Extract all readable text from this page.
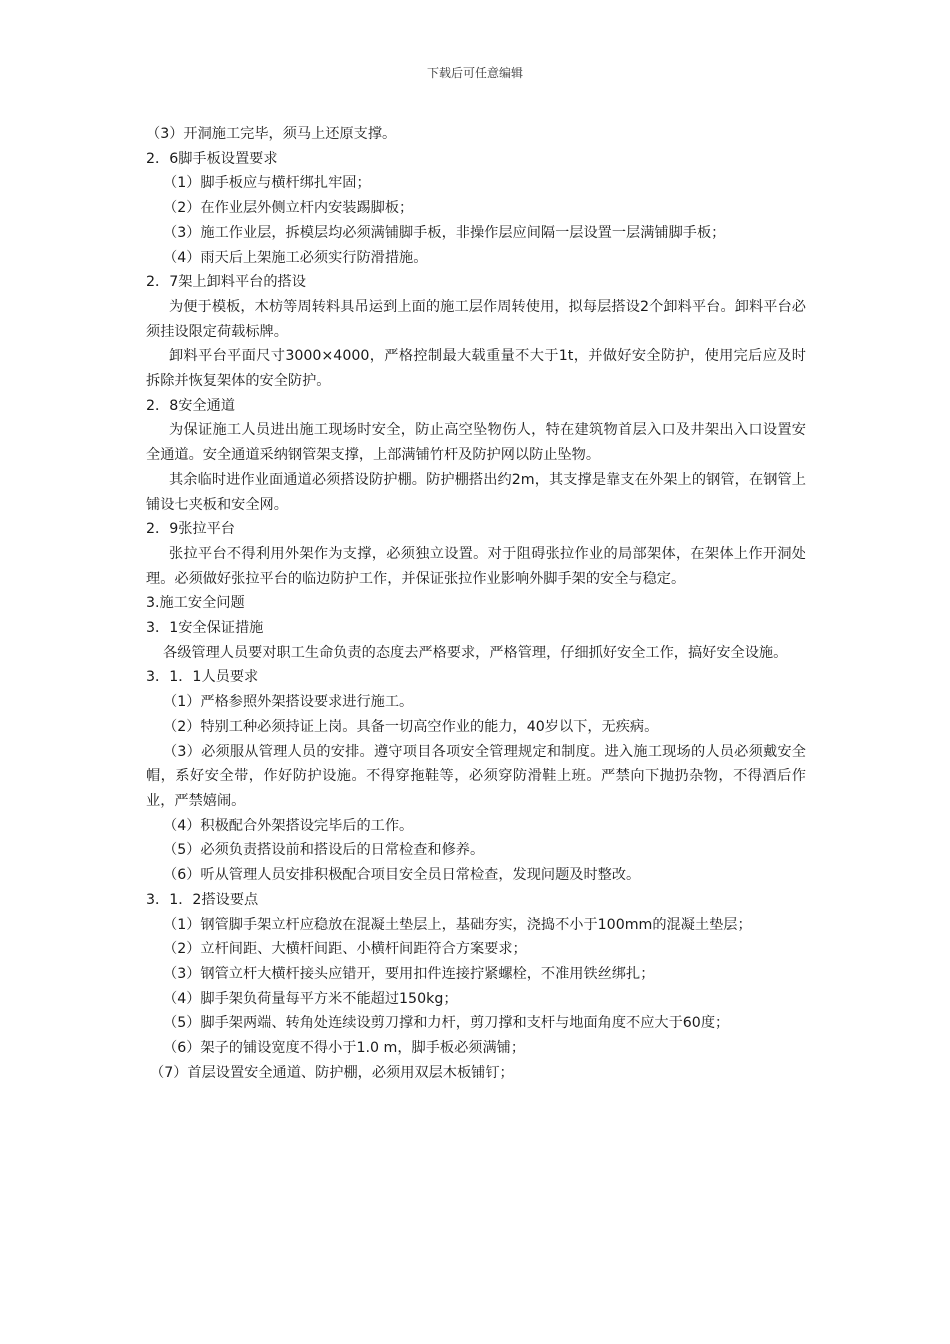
下载后可任意编辑

（3）开洞施工完毕，须马上还原支撑。

2．6脚手板设置要求

（1）脚手板应与横杆绑扎牢固；

（2）在作业层外侧立杆内安装踢脚板；

（3）施工作业层，拆模层均必须满铺脚手板，非操作层应间隔一层设置一层满铺脚手板；

（4）雨天后上架施工必须实行防滑措施。

2．7架上卸料平台的搭设

为便于模板，木枋等周转料具吊运到上面的施工层作周转使用，拟每层搭设2个卸料平台。卸料平台必须挂设限定荷载标牌。

卸料平台平面尺寸3000×4000，严格控制最大载重量不大于1t，并做好安全防护，使用完后应及时拆除并恢复架体的安全防护。

2．8安全通道

为保证施工人员进出施工现场时安全，防止高空坠物伤人，特在建筑物首层入口及井架出入口设置安全通道。安全通道采纳钢管架支撑，上部满铺竹杆及防护网以防止坠物。

其余临时进作业面通道必须搭设防护棚。防护棚搭出约2m，其支撑是靠支在外架上的钢管，在钢管上铺设七夹板和安全网。

2．9张拉平台

张拉平台不得利用外架作为支撑，必须独立设置。对于阻碍张拉作业的局部架体，在架体上作开洞处理。必须做好张拉平台的临边防护工作，并保证张拉作业影响外脚手架的安全与稳定。

3.施工安全问题

3．1安全保证措施

各级管理人员要对职工生命负责的态度去严格要求，严格管理，仔细抓好安全工作，搞好安全设施。

3．1．1人员要求

（1）严格参照外架搭设要求进行施工。

（2）特别工种必须持证上岗。具备一切高空作业的能力，40岁以下，无疾病。

（3）必须服从管理人员的安排。遵守项目各项安全管理规定和制度。进入施工现场的人员必须戴安全帽，系好安全带，作好防护设施。不得穿拖鞋等，必须穿防滑鞋上班。严禁向下抛扔杂物，不得酒后作业，严禁嬉闹。

（4）积极配合外架搭设完毕后的工作。

（5）必须负责搭设前和搭设后的日常检查和修养。

（6）听从管理人员安排积极配合项目安全员日常检查，发现问题及时整改。

3．1．2搭设要点

（1）钢管脚手架立杆应稳放在混凝土垫层上，基础夯实，浇捣不小于100mm的混凝土垫层；

（2）立杆间距、大横杆间距、小横杆间距符合方案要求；

（3）钢管立杆大横杆接头应错开，要用扣件连接拧紧螺栓，不准用铁丝绑扎；

（4）脚手架负荷量每平方米不能超过150kg；

（5）脚手架两端、转角处连续设剪刀撑和力杆，剪刀撑和支杆与地面角度不应大于60度；

（6）架子的铺设宽度不得小于1.0 m，脚手板必须满铺；

（7）首层设置安全通道、防护棚，必须用双层木板铺钉；
